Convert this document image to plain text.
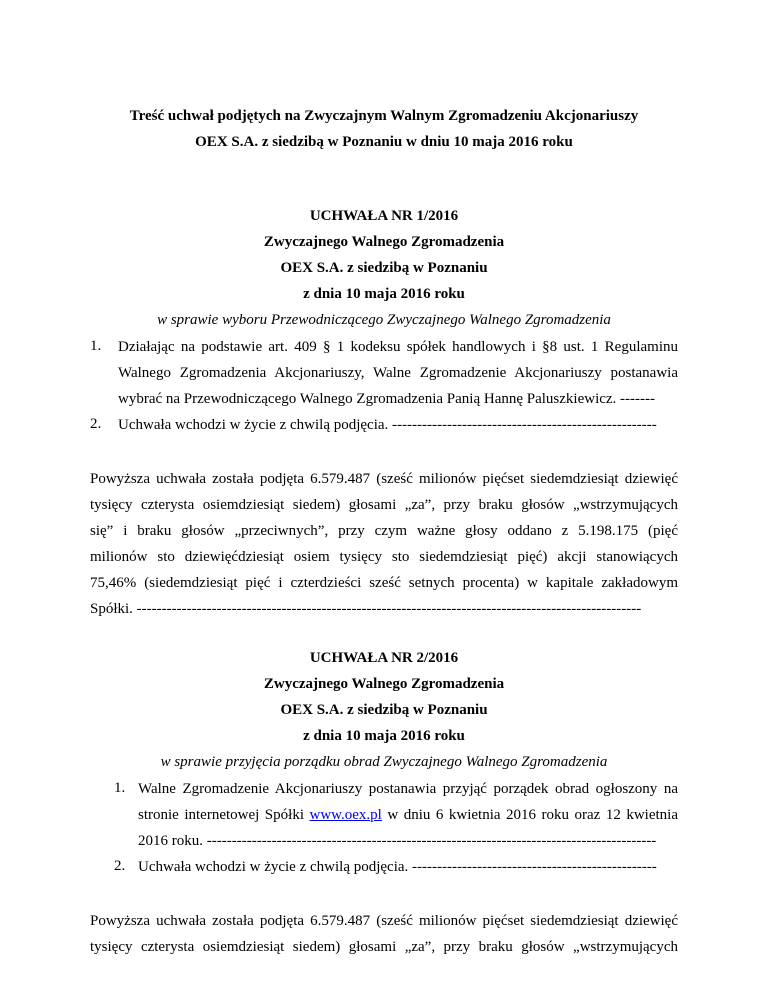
Treść uchwał podjętych na Zwyczajnym Walnym Zgromadzeniu Akcjonariuszy
OEX S.A. z siedzibą w Poznaniu w dniu 10 maja 2016 roku
UCHWAŁA NR 1/2016
Zwyczajnego Walnego Zgromadzenia
OEX S.A. z siedzibą w Poznaniu
z dnia 10 maja 2016 roku
w sprawie wyboru Przewodniczącego Zwyczajnego Walnego Zgromadzenia
1. Działając na podstawie art. 409 § 1 kodeksu spółek handlowych i §8 ust. 1 Regulaminu
Walnego Zgromadzenia Akcjonariuszy, Walne Zgromadzenie Akcjonariuszy postanawia
wybrać na Przewodniczącego Walnego Zgromadzenia Panią Hannę Paluszkiewicz. -------
2. Uchwała wchodzi w życie z chwilą podjęcia. -----------------------------------------------------
Powyższa uchwała została podjęta 6.579.487 (sześć milionów pięćset siedemdziesiąt dziewięć
tysięcy czterysta osiemdziesiąt siedem) głosami „za”, przy braku głosów „wstrzymujących
się” i braku głosów „przeciwnych”, przy czym ważne głosy oddano z 5.198.175 (pięć
milionów sto dziewięćdziesiąt osiem tysięcy sto siedemdziesiąt pięć) akcji stanowiących
75,46% (siedemdziesiąt pięć i czterdzieści sześć setnych procenta) w kapitale zakładowym
Spółki. -----------------------------------------------------------------------------------------------------
UCHWAŁA NR 2/2016
Zwyczajnego Walnego Zgromadzenia
OEX S.A. z siedzibą w Poznaniu
z dnia 10 maja 2016 roku
w sprawie przyjęcia porządku obrad Zwyczajnego Walnego Zgromadzenia
1. Walne Zgromadzenie Akcjonariuszy postanawia przyjąć porządek obrad ogłoszony na
stronie internetowej Spółki www.oex.pl w dniu 6 kwietnia 2016 roku oraz 12 kwietnia
2016 roku. ------------------------------------------------------------------------------------------
2. Uchwała wchodzi w życie z chwilą podjęcia. -------------------------------------------------
Powyższa uchwała została podjęta 6.579.487 (sześć milionów pięćset siedemdziesiąt dziewięć
tysięcy czterysta osiemdziesiąt siedem) głosami „za”, przy braku głosów „wstrzymujących
